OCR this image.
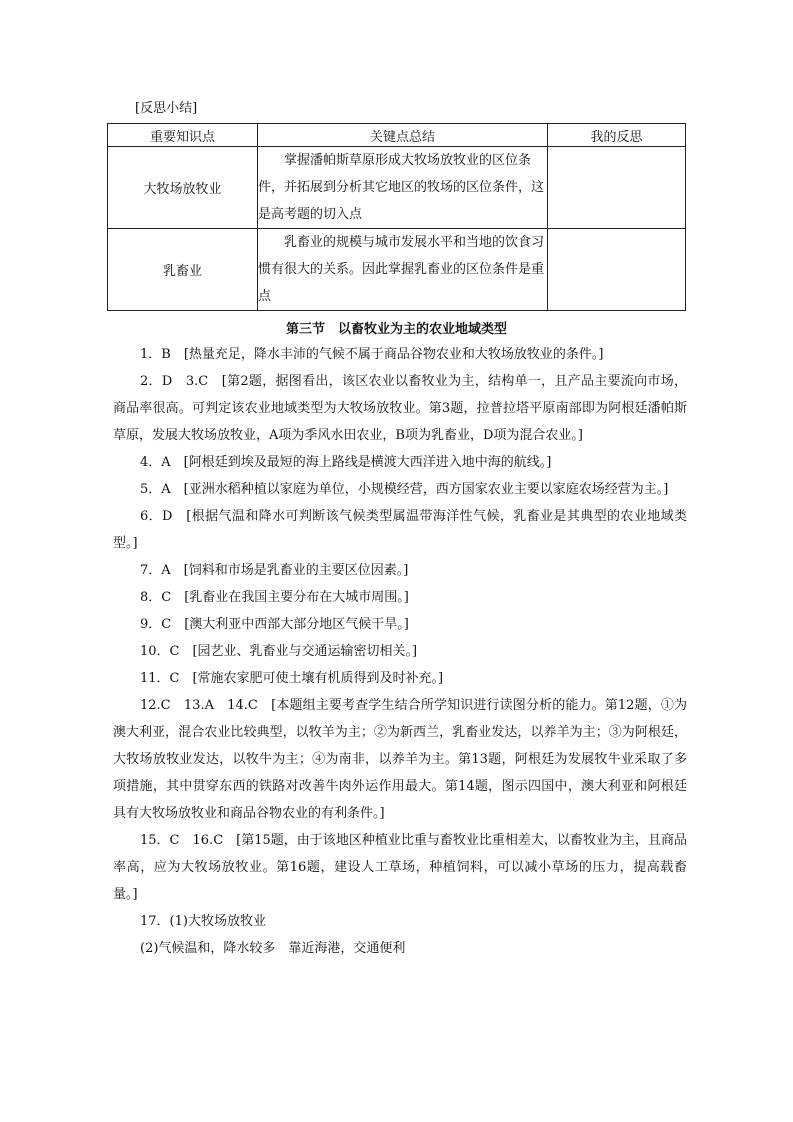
[反思小结]
重要知识点	关键点总结	我的反思
大牧场放牧业	掌握潘帕斯草原形成大牧场放牧业的区位条件，并拓展到分析其它地区的牧场的区位条件，这是高考题的切入点	
乳畜业	乳畜业的规模与城市发展水平和当地的饮食习惯有很大的关系。因此掌握乳畜业的区位条件是重点	
第三节　以畜牧业为主的农业地域类型

1．B　[热量充足，降水丰沛的气候不属于商品谷物农业和大牧场放牧业的条件。]

2．D　3.C　[第2题，据图看出，该区农业以畜牧业为主，结构单一，且产品主要流向市场，商品率很高。可判定该农业地域类型为大牧场放牧业。第3题，拉普拉塔平原南部即为阿根廷潘帕斯草原，发展大牧场放牧业，A项为季风水田农业，B项为乳畜业，D项为混合农业。]

4．A　[阿根廷到埃及最短的海上路线是横渡大西洋进入地中海的航线。]

5．A　[亚洲水稻种植以家庭为单位，小规模经营，西方国家农业主要以家庭农场经营为主。]

6．D　[根据气温和降水可判断该气候类型属温带海洋性气候，乳畜业是其典型的农业地域类型。]

7．A　[饲料和市场是乳畜业的主要区位因素。]

8．C　[乳畜业在我国主要分布在大城市周围。]

9．C　[澳大利亚中西部大部分地区气候干旱。]

10．C　[园艺业、乳畜业与交通运输密切相关。]

11．C　[常施农家肥可使土壤有机质得到及时补充。]

12.C　13.A　14.C　[本题组主要考查学生结合所学知识进行读图分析的能力。第12题，①为澳大利亚，混合农业比较典型，以牧羊为主；②为新西兰，乳畜业发达，以养羊为主；③为阿根廷，大牧场放牧业发达，以牧牛为主；④为南非，以养羊为主。第13题，阿根廷为发展牧牛业采取了多项措施，其中贯穿东西的铁路对改善牛肉外运作用最大。第14题，图示四国中，澳大利亚和阿根廷具有大牧场放牧业和商品谷物农业的有利条件。]

15．C　16.C　[第15题，由于该地区种植业比重与畜牧业比重相差大，以畜牧业为主，且商品率高，应为大牧场放牧业。第16题，建设人工草场，种植饲料，可以减小草场的压力，提高载畜量。]

17．(1)大牧场放牧业

(2)气候温和，降水较多　靠近海港，交通便利
